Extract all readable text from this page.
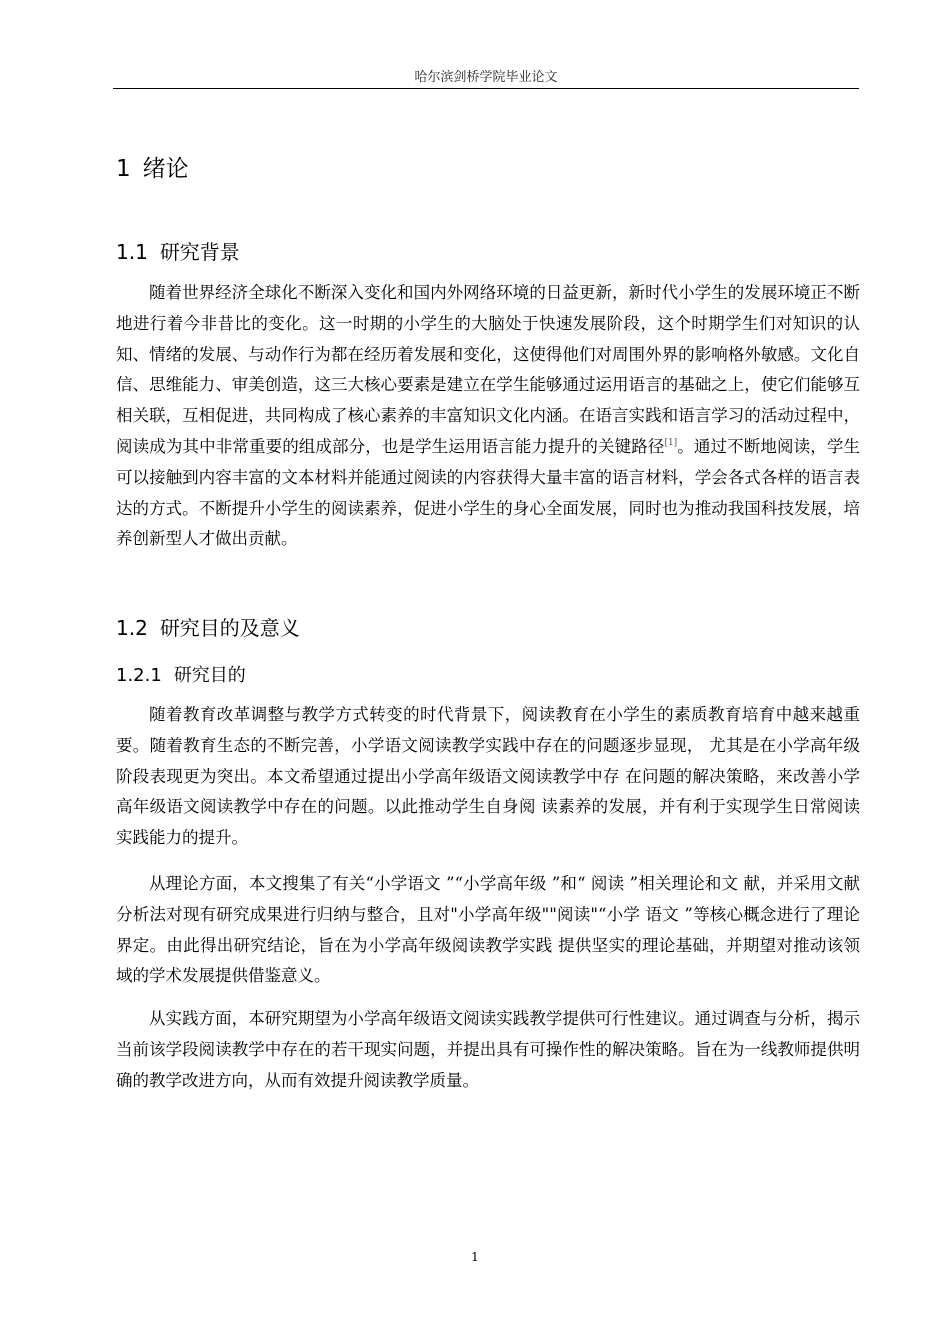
哈尔滨剑桥学院毕业论文
1 绪论
1.1 研究背景

随着世界经济全球化不断深入变化和国内外网络环境的日益更新，新时代小学生的发展环境正不断地进行着今非昔比的变化。这一时期的小学生的大脑处于快速发展阶段，这个时期学生们对知识的认知、情绪的发展、与动作行为都在经历着发展和变化，这使得他们对周围外界的影响格外敏感。文化自信、思维能力、审美创造，这三大核心要素是建立在学生能够通过运用语言的基础之上，使它们能够互相关联，互相促进，共同构成了核心素养的丰富知识文化内涵。在语言实践和语言学习的活动过程中，阅读成为其中非常重要的组成部分，也是学生运用语言能力提升的关键路径[1]。通过不断地阅读，学生可以接触到内容丰富的文本材料并能通过阅读的内容获得大量丰富的语言材料，学会各式各样的语言表达的方式。不断提升小学生的阅读素养，促进小学生的身心全面发展，同时也为推动我国科技发展，培养创新型人才做出贡献。

1.2 研究目的及意义
1.2.1 研究目的

随着教育改革调整与教学方式转变的时代背景下，阅读教育在小学生的素质教育培育中越来越重要。随着教育生态的不断完善，小学语文阅读教学实践中存在的问题逐步显现， 尤其是在小学高年级阶段表现更为突出。本文希望通过提出小学高年级语文阅读教学中存 在问题的解决策略，来改善小学高年级语文阅读教学中存在的问题。以此推动学生自身阅 读素养的发展，并有利于实现学生日常阅读实践能力的提升。

从理论方面，本文搜集了有关“小学语文 ”“小学高年级 ”和“ 阅读 ”相关理论和文 献，并采用文献分析法对现有研究成果进行归纳与整合，且对"小学高年级""阅读"“小学 语文 ”等核心概念进行了理论界定。由此得出研究结论，旨在为小学高年级阅读教学实践 提供坚实的理论基础，并期望对推动该领域的学术发展提供借鉴意义。

从实践方面，本研究期望为小学高年级语文阅读实践教学提供可行性建议。通过调查与分析，揭示当前该学段阅读教学中存在的若干现实问题，并提出具有可操作性的解决策略。旨在为一线教师提供明确的教学改进方向，从而有效提升阅读教学质量。

1
